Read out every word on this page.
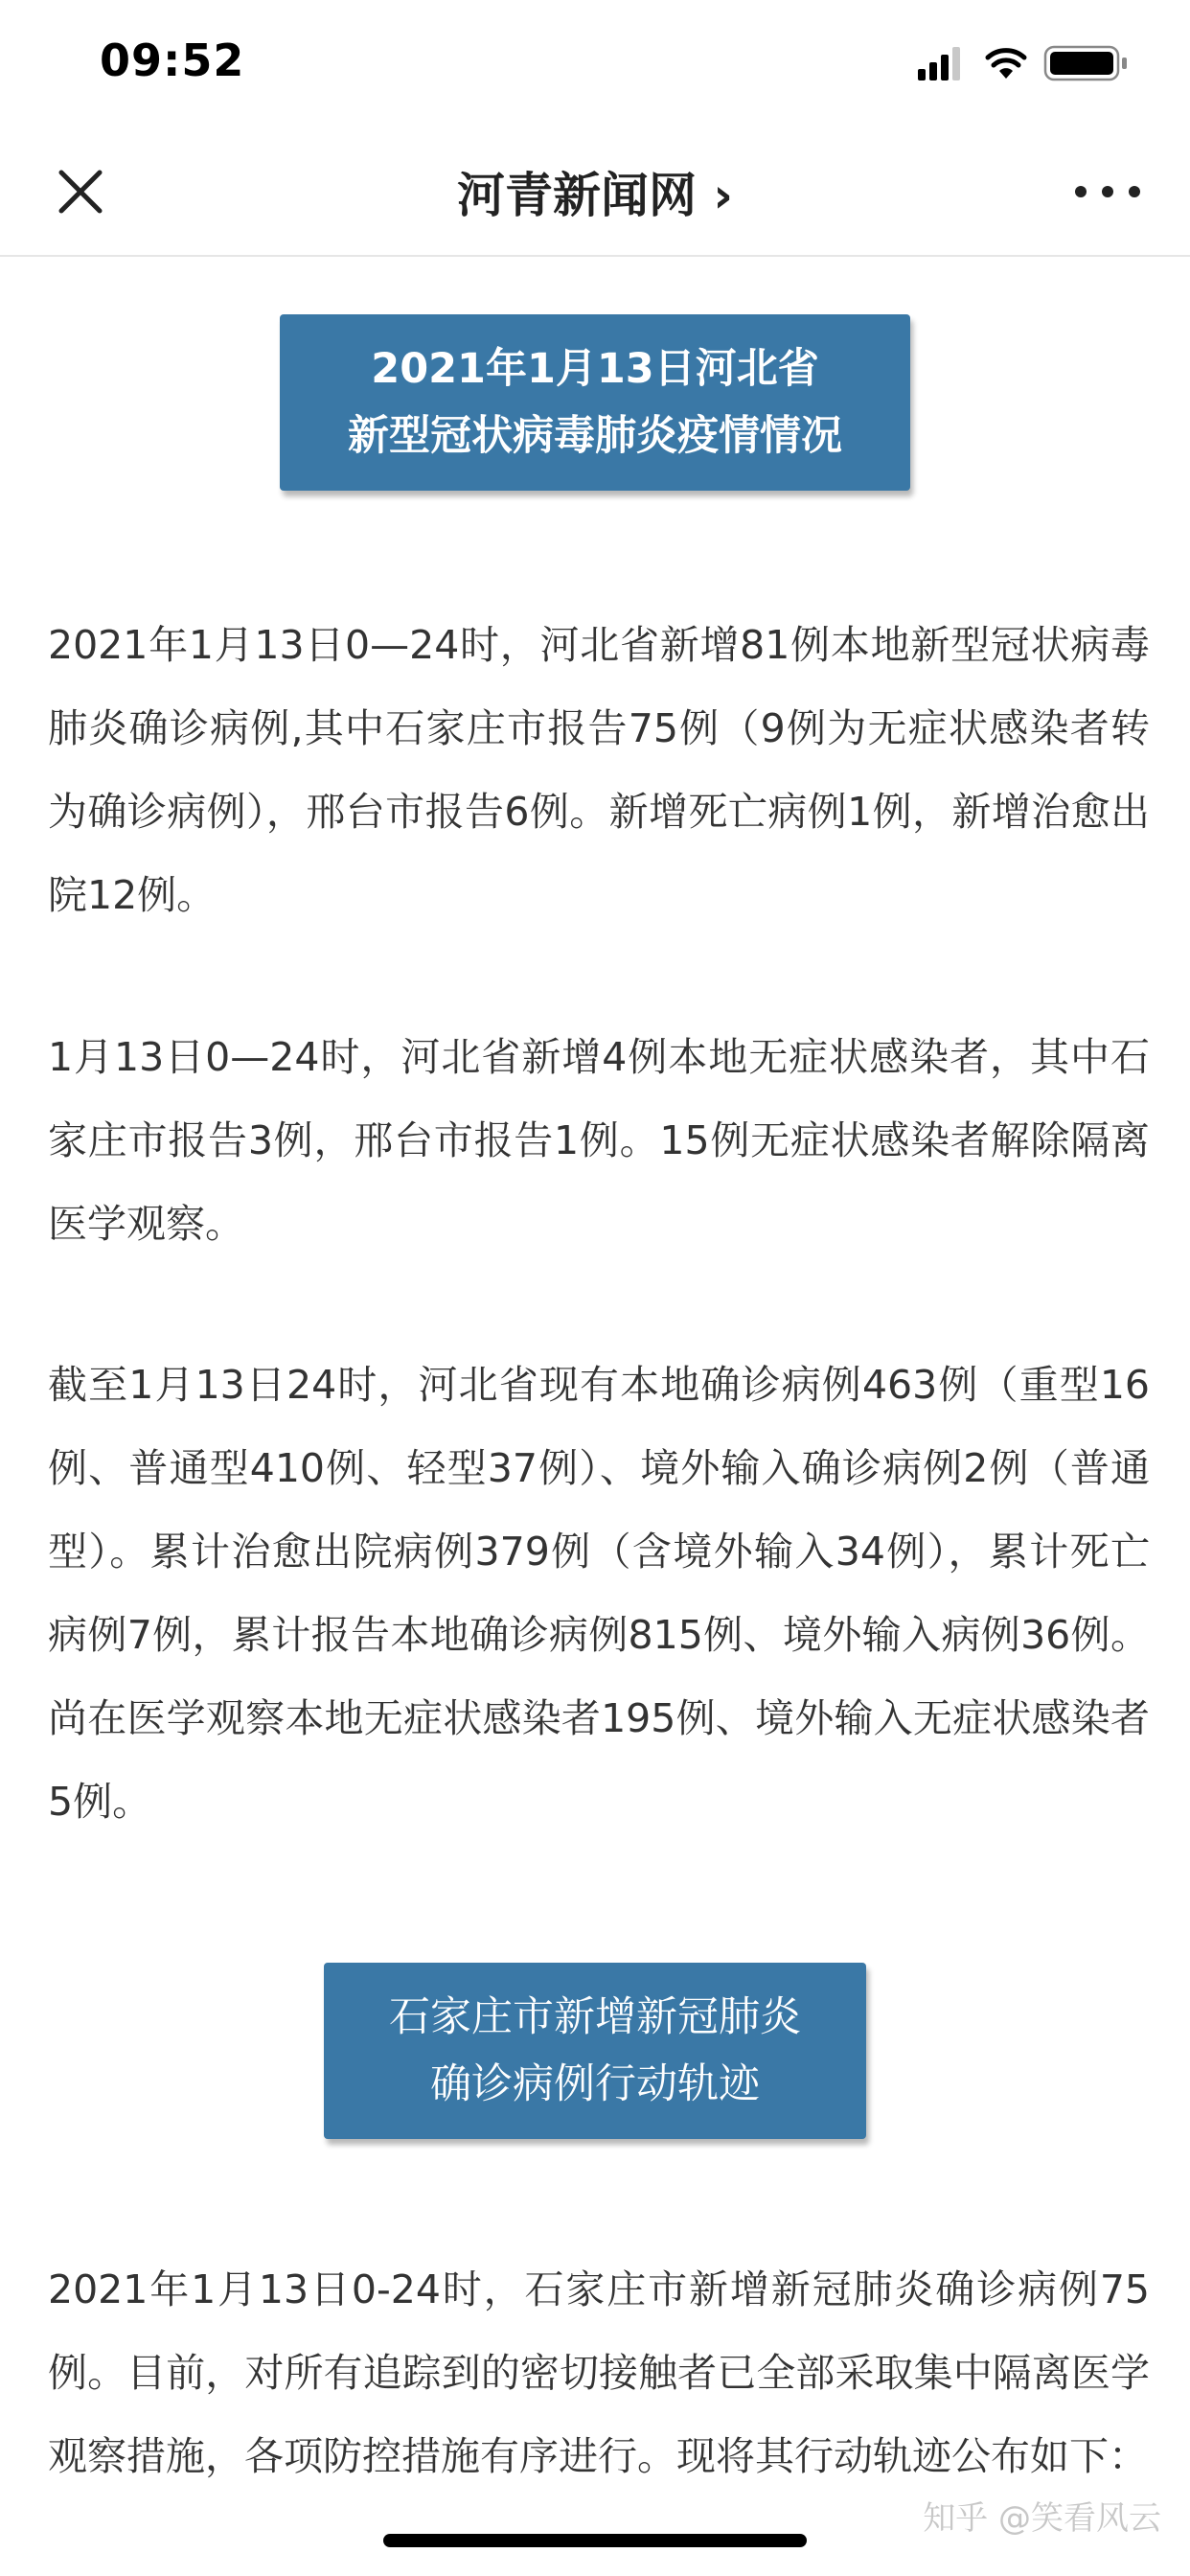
09:52
河青新闻网 ›
2021年1月13日河北省
新型冠状病毒肺炎疫情情况

2021年1月13日0—24时，河北省新增81例本地新型冠状病毒肺炎确诊病例,其中石家庄市报告75例（9例为无症状感染者转为确诊病例），邢台市报告6例。新增死亡病例1例，新增治愈出院12例。

1月13日0—24时，河北省新增4例本地无症状感染者，其中石家庄市报告3例，邢台市报告1例。15例无症状感染者解除隔离医学观察。

截至1月13日24时，河北省现有本地确诊病例463例（重型16例、普通型410例、轻型37例）、境外输入确诊病例2例（普通型）。累计治愈出院病例379例（含境外输入34例），累计死亡病例7例，累计报告本地确诊病例815例、境外输入病例36例。尚在医学观察本地无症状感染者195例、境外输入无症状感染者5例。

石家庄市新增新冠肺炎
确诊病例行动轨迹

2021年1月13日0-24时，石家庄市新增新冠肺炎确诊病例75例。目前，对所有追踪到的密切接触者已全部采取集中隔离医学观察措施，各项防控措施有序进行。现将其行动轨迹公布如下：

知乎 @笑看风云
